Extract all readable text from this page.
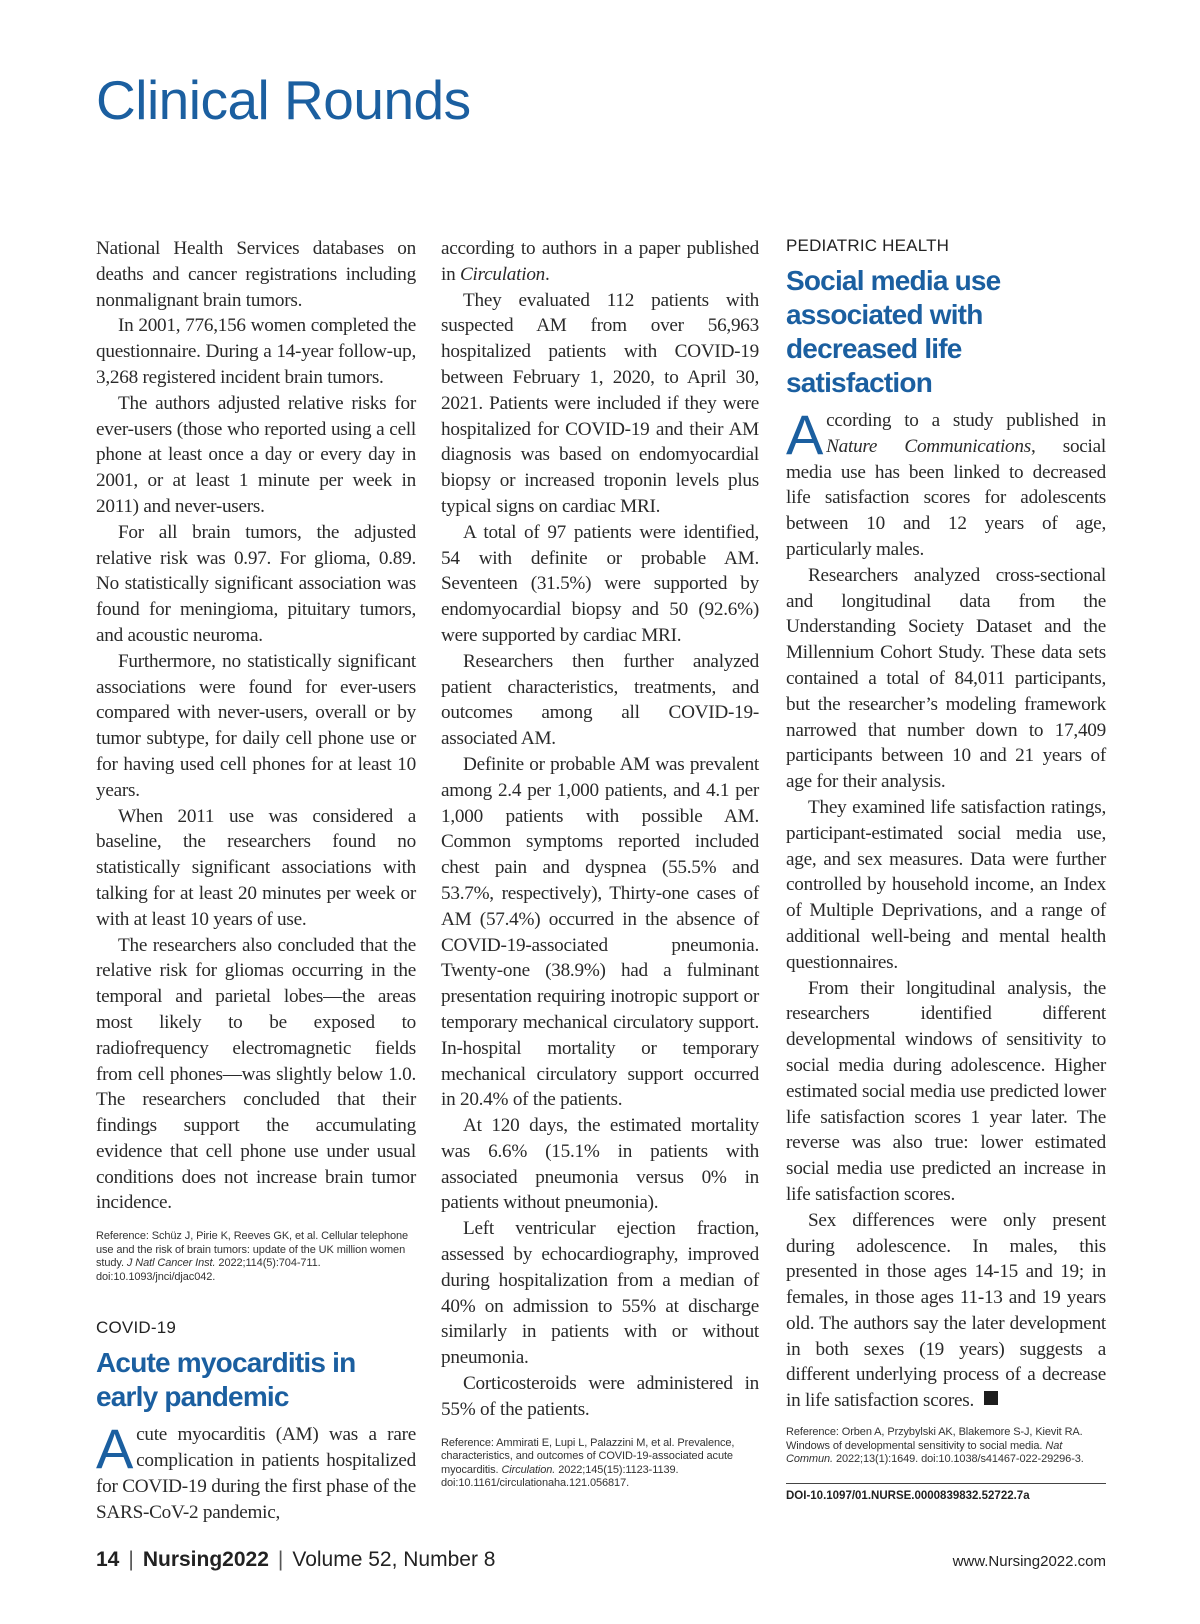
Clinical Rounds

National Health Services databases on deaths and cancer registrations including nonmalignant brain tumors.

In 2001, 776,156 women completed the questionnaire. During a 14-year follow-up, 3,268 registered incident brain tumors.

The authors adjusted relative risks for ever-users (those who reported using a cell phone at least once a day or every day in 2001, or at least 1 minute per week in 2011) and never-users.

For all brain tumors, the adjusted relative risk was 0.97. For glioma, 0.89. No statistically significant association was found for meningioma, pituitary tumors, and acoustic neuroma.

Furthermore, no statistically significant associations were found for ever-users compared with never-users, overall or by tumor subtype, for daily cell phone use or for having used cell phones for at least 10 years.

When 2011 use was considered a baseline, the researchers found no statistically significant associations with talking for at least 20 minutes per week or with at least 10 years of use.

The researchers also concluded that the relative risk for gliomas occurring in the temporal and parietal lobes—the areas most likely to be exposed to radiofrequency electromagnetic fields from cell phones—was slightly below 1.0. The researchers concluded that their findings support the accumulating evidence that cell phone use under usual conditions does not increase brain tumor incidence.

Reference: Schüz J, Pirie K, Reeves GK, et al. Cellular telephone use and the risk of brain tumors: update of the UK million women study. J Natl Cancer Inst. 2022;114(5):704-711. doi:10.1093/jnci/djac042.

COVID-19

Acute myocarditis in early pandemic

Acute myocarditis (AM) was a rare complication in patients hospitalized for COVID-19 during the first phase of the SARS-CoV-2 pandemic,

according to authors in a paper published in Circulation.

They evaluated 112 patients with suspected AM from over 56,963 hospitalized patients with COVID-19 between February 1, 2020, to April 30, 2021. Patients were included if they were hospitalized for COVID-19 and their AM diagnosis was based on endomyocardial biopsy or increased troponin levels plus typical signs on cardiac MRI.

A total of 97 patients were identified, 54 with definite or probable AM. Seventeen (31.5%) were supported by endomyocardial biopsy and 50 (92.6%) were supported by cardiac MRI.

Researchers then further analyzed patient characteristics, treatments, and outcomes among all COVID-19-associated AM.

Definite or probable AM was prevalent among 2.4 per 1,000 patients, and 4.1 per 1,000 patients with possible AM. Common symptoms reported included chest pain and dyspnea (55.5% and 53.7%, respectively), Thirty-one cases of AM (57.4%) occurred in the absence of COVID-19-associated pneumonia. Twenty-one (38.9%) had a fulminant presentation requiring inotropic support or temporary mechanical circulatory support. In-hospital mortality or temporary mechanical circulatory support occurred in 20.4% of the patients.

At 120 days, the estimated mortality was 6.6% (15.1% in patients with associated pneumonia versus 0% in patients without pneumonia).

Left ventricular ejection fraction, assessed by echocardiography, improved during hospitalization from a median of 40% on admission to 55% at discharge similarly in patients with or without pneumonia.

Corticosteroids were administered in 55% of the patients.

Reference: Ammirati E, Lupi L, Palazzini M, et al. Prevalence, characteristics, and outcomes of COVID-19-associated acute myocarditis. Circulation. 2022;145(15):1123-1139. doi:10.1161/circulationaha.121.056817.

PEDIATRIC HEALTH

Social media use associated with decreased life satisfaction

According to a study published in Nature Communications, social media use has been linked to decreased life satisfaction scores for adolescents between 10 and 12 years of age, particularly males.

Researchers analyzed cross-sectional and longitudinal data from the Understanding Society Dataset and the Millennium Cohort Study. These data sets contained a total of 84,011 participants, but the researcher’s modeling framework narrowed that number down to 17,409 participants between 10 and 21 years of age for their analysis.

They examined life satisfaction ratings, participant-estimated social media use, age, and sex measures. Data were further controlled by household income, an Index of Multiple Deprivations, and a range of additional well-being and mental health questionnaires.

From their longitudinal analysis, the researchers identified different developmental windows of sensitivity to social media during adolescence. Higher estimated social media use predicted lower life satisfaction scores 1 year later. The reverse was also true: lower estimated social media use predicted an increase in life satisfaction scores.

Sex differences were only present during adolescence. In males, this presented in those ages 14-15 and 19; in females, in those ages 11-13 and 19 years old. The authors say the later development in both sexes (19 years) suggests a different underlying process of a decrease in life satisfaction scores.

Reference: Orben A, Przybylski AK, Blakemore S-J, Kievit RA. Windows of developmental sensitivity to social media. Nat Commun. 2022;13(1):1649. doi:10.1038/s41467-022-29296-3.

DOI-10.1097/01.NURSE.0000839832.52722.7a

14 | Nursing2022 | Volume 52, Number 8	www.Nursing2022.com
